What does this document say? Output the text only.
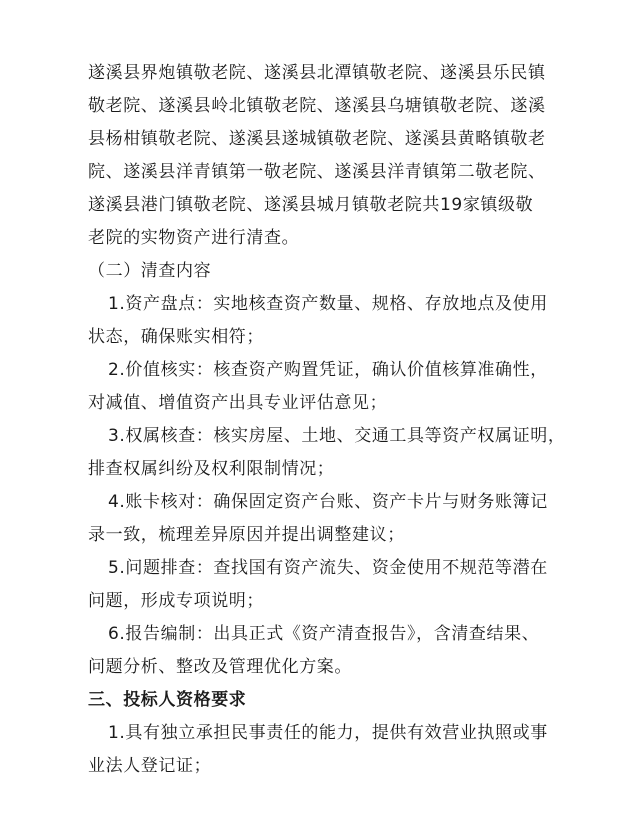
遂溪县界炮镇敬老院、遂溪县北潭镇敬老院、遂溪县乐民镇
敬老院、遂溪县岭北镇敬老院、遂溪县乌塘镇敬老院、遂溪
县杨柑镇敬老院、遂溪县遂城镇敬老院、遂溪县黄略镇敬老
院、遂溪县洋青镇第一敬老院、遂溪县洋青镇第二敬老院、
遂溪县港门镇敬老院、遂溪县城月镇敬老院共19家镇级敬
老院的实物资产进行清查。
（二）清查内容
1.资产盘点：实地核查资产数量、规格、存放地点及使用
状态，确保账实相符；
2.价值核实：核查资产购置凭证，确认价值核算准确性，
对减值、增值资产出具专业评估意见；
3.权属核查：核实房屋、土地、交通工具等资产权属证明，
排查权属纠纷及权利限制情况；
4.账卡核对：确保固定资产台账、资产卡片与财务账簿记
录一致，梳理差异原因并提出调整建议；
5.问题排查：查找国有资产流失、资金使用不规范等潜在
问题，形成专项说明；
6.报告编制：出具正式《资产清查报告》，含清查结果、
问题分析、整改及管理优化方案。
三、投标人资格要求
1.具有独立承担民事责任的能力，提供有效营业执照或事
业法人登记证；
